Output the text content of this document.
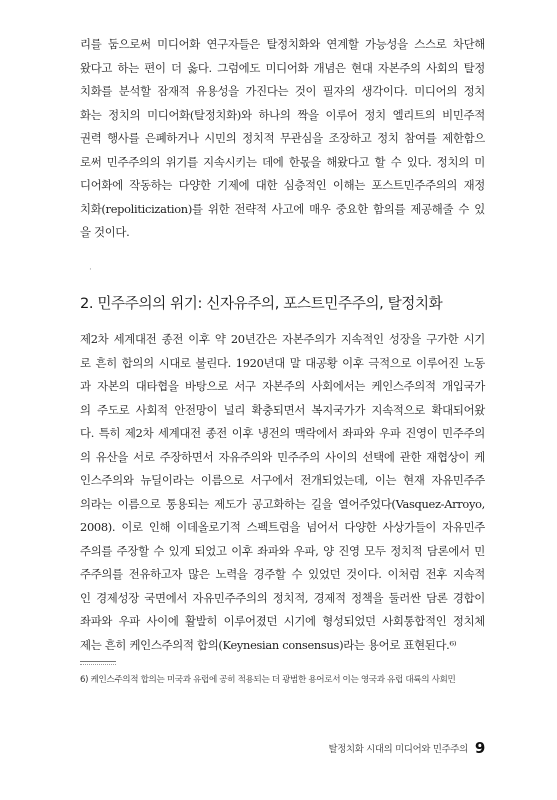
리를 둠으로써 미디어화 연구자들은 탈정치화와 연계할 가능성을 스스로 차단해
왔다고 하는 편이 더 옳다. 그럼에도 미디어화 개념은 현대 자본주의 사회의 탈정
치화를 분석할 잠재적 유용성을 가진다는 것이 필자의 생각이다. 미디어의 정치
화는 정치의 미디어화(탈정치화)와 하나의 짝을 이루어 정치 엘리트의 비민주적
권력 행사를 은폐하거나 시민의 정치적 무관심을 조장하고 정치 참여를 제한함으
로써 민주주의의 위기를 지속시키는 데에 한몫을 해왔다고 할 수 있다. 정치의 미
디어화에 작동하는 다양한 기제에 대한 심층적인 이해는 포스트민주주의의 재정
치화(repoliticization)를 위한 전략적 사고에 매우 중요한 함의를 제공해줄 수 있
을 것이다.
·
2. 민주주의의 위기: 신자유주의, 포스트민주주의, 탈정치화
제2차 세계대전 종전 이후 약 20년간은 자본주의가 지속적인 성장을 구가한 시기
로 흔히 합의의 시대로 불린다. 1920년대 말 대공황 이후 극적으로 이루어진 노동
과 자본의 대타협을 바탕으로 서구 자본주의 사회에서는 케인스주의적 개입국가
의 주도로 사회적 안전망이 널리 확충되면서 복지국가가 지속적으로 확대되어왔
다. 특히 제2차 세계대전 종전 이후 냉전의 맥락에서 좌파와 우파 진영이 민주주의
의 유산을 서로 주장하면서 자유주의와 민주주의 사이의 선택에 관한 재협상이 케
인스주의와 뉴딜이라는 이름으로 서구에서 전개되었는데, 이는 현재 자유민주주
의라는 이름으로 통용되는 제도가 공고화하는 길을 열어주었다(Vasquez-Arroyo,
2008). 이로 인해 이데올로기적 스펙트럼을 넘어서 다양한 사상가들이 자유민주
주의를 주장할 수 있게 되었고 이후 좌파와 우파, 양 진영 모두 정치적 담론에서 민
주주의를 전유하고자 많은 노력을 경주할 수 있었던 것이다. 이처럼 전후 지속적
인 경제성장 국면에서 자유민주주의의 정치적, 경제적 정책을 둘러싼 담론 경합이
좌파와 우파 사이에 활발히 이루어졌던 시기에 형성되었던 사회통합적인 정치체
제는 흔히 케인스주의적 합의(Keynesian consensus)라는 용어로 표현된다.⁶⁾
6) 케인스주의적 합의는 미국과 유럽에 공히 적용되는 더 광범한 용어로서 이는 영국과 유럽 대륙의 사회민
탈정치화 시대의 미디어와 민주주의 9
